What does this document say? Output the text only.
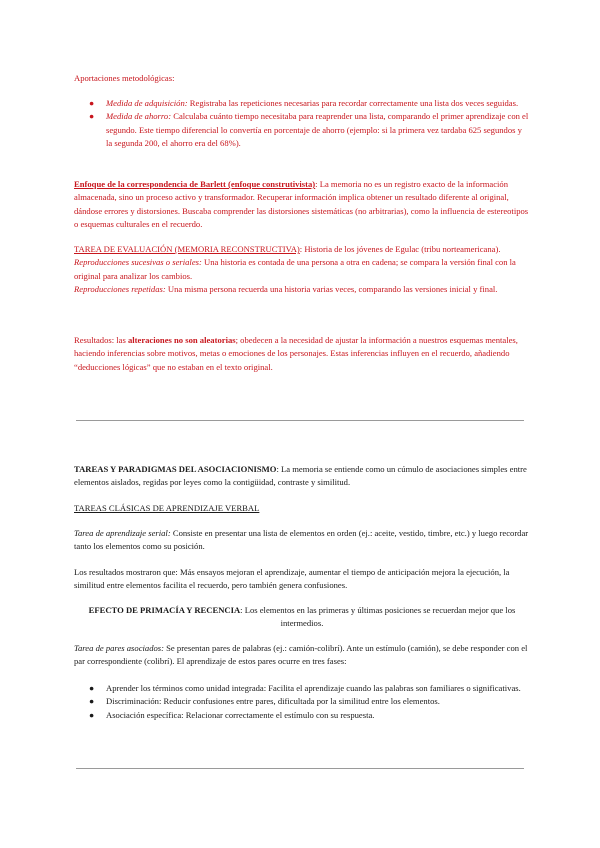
Aportaciones metodológicas:

● Medida de adquisición: Registraba las repeticiones necesarias para recordar correctamente una lista dos veces seguidas.
● Medida de ahorro: Calculaba cuánto tiempo necesitaba para reaprender una lista, comparando el primer aprendizaje con el segundo. Este tiempo diferencial lo convertía en porcentaje de ahorro (ejemplo: si la primera vez tardaba 625 segundos y la segunda 200, el ahorro era del 68%).

Enfoque de la correspondencia de Barlett (enfoque construtivista): La memoria no es un registro exacto de la información almacenada, sino un proceso activo y transformador. Recuperar información implica obtener un resultado diferente al original, dándose errores y distorsiones. Buscaba comprender las distorsiones sistemáticas (no arbitrarias), como la influencia de estereotipos o esquemas culturales en el recuerdo.

TAREA DE EVALUACIÓN (MEMORIA RECONSTRUCTIVA): Historia de los jóvenes de Egulac (tribu norteamericana).
Reproducciones sucesivas o seriales: Una historia es contada de una persona a otra en cadena; se compara la versión final con la original para analizar los cambios.
Reproducciones repetidas: Una misma persona recuerda una historia varias veces, comparando las versiones inicial y final.

Resultados: las alteraciones no son aleatorias; obedecen a la necesidad de ajustar la información a nuestros esquemas mentales, haciendo inferencias sobre motivos, metas o emociones de los personajes. Estas inferencias influyen en el recuerdo, añadiendo “deducciones lógicas” que no estaban en el texto original.

TAREAS Y PARADIGMAS DEL ASOCIACIONISMO: La memoria se entiende como un cúmulo de asociaciones simples entre elementos aislados, regidas por leyes como la contigüidad, contraste y similitud.

TAREAS CLÁSICAS DE APRENDIZAJE VERBAL

Tarea de aprendizaje serial: Consiste en presentar una lista de elementos en orden (ej.: aceite, vestido, timbre, etc.) y luego recordar tanto los elementos como su posición.

Los resultados mostraron que: Más ensayos mejoran el aprendizaje, aumentar el tiempo de anticipación mejora la ejecución, la similitud entre elementos facilita el recuerdo, pero también genera confusiones.

EFECTO DE PRIMACÍA Y RECENCIA: Los elementos en las primeras y últimas posiciones se recuerdan mejor que los intermedios.

Tarea de pares asociados: Se presentan pares de palabras (ej.: camión-colibrí). Ante un estímulo (camión), se debe responder con el par correspondiente (colibrí). El aprendizaje de estos pares ocurre en tres fases:

● Aprender los términos como unidad integrada: Facilita el aprendizaje cuando las palabras son familiares o significativas.
● Discriminación: Reducir confusiones entre pares, dificultada por la similitud entre los elementos.
● Asociación específica: Relacionar correctamente el estímulo con su respuesta.
